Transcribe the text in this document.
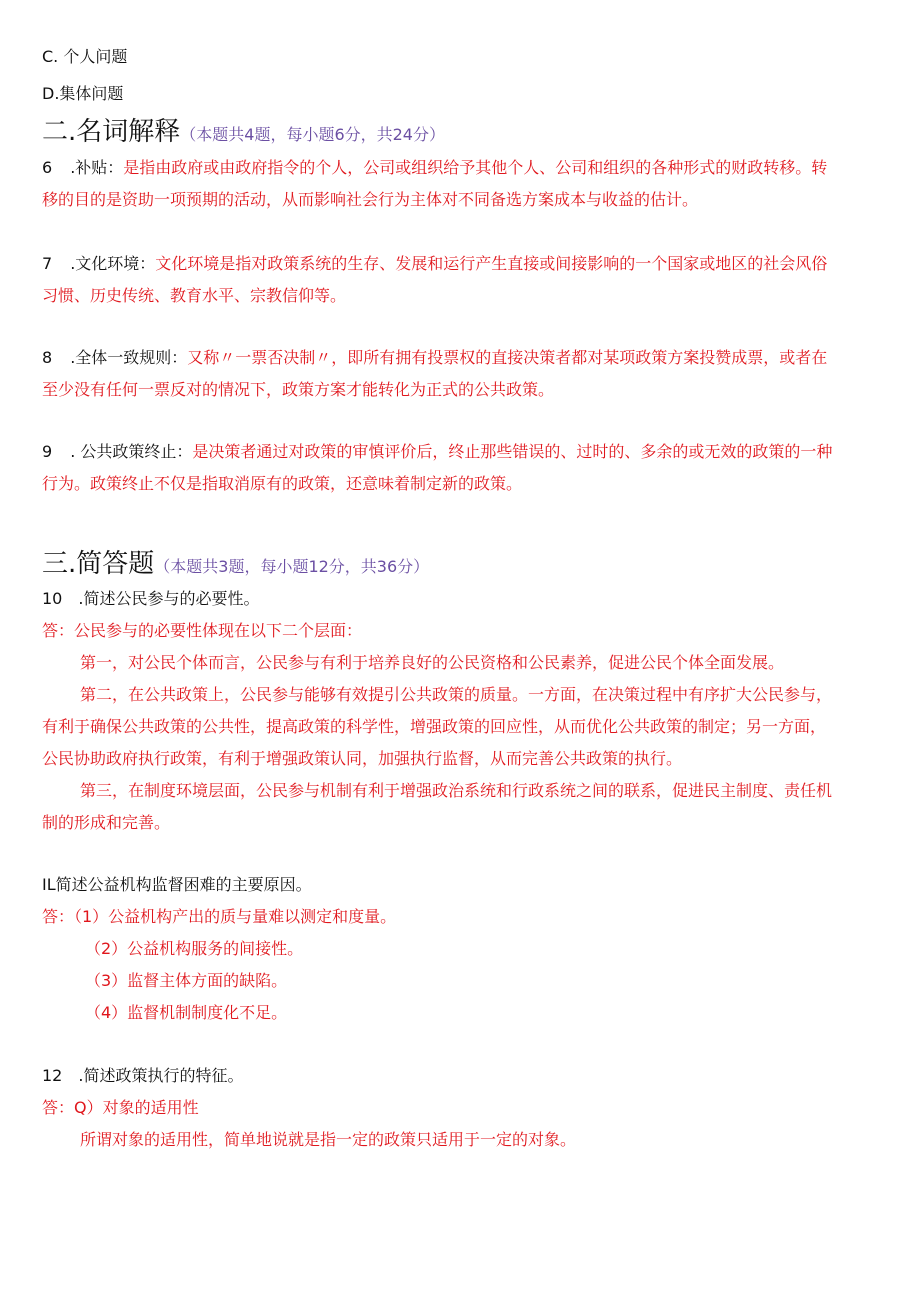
C. 个人问题
D.集体问题
二.名词解释（本题共4题，每小题6分，共24分）
6 .补贴：是指由政府或由政府指令的个人，公司或组织给予其他个人、公司和组织的各种形式的财政转移。转
移的目的是资助一项预期的活动，从而影响社会行为主体对不同备选方案成本与收益的估计。
7 .文化环境：文化环境是指对政策系统的生存、发展和运行产生直接或间接影响的一个国家或地区的社会风俗
习惯、历史传统、教育水平、宗教信仰等。
8 .全体一致规则：又称〃一票否决制〃，即所有拥有投票权的直接决策者都对某项政策方案投赞成票，或者在
至少没有任何一票反对的情况下，政策方案才能转化为正式的公共政策。
9 . 公共政策终止：是决策者通过对政策的审慎评价后，终止那些错误的、过时的、多余的或无效的政策的一种
行为。政策终止不仅是指取消原有的政策，还意味着制定新的政策。
三.简答题（本题共3题，每小题12分，共36分）
10　.简述公民参与的必要性。
答：公民参与的必要性体现在以下二个层面：
第一，对公民个体而言，公民参与有利于培养良好的公民资格和公民素养，促进公民个体全面发展。
第二，在公共政策上，公民参与能够有效提引公共政策的质量。一方面，在决策过程中有序扩大公民参与，
有利于确保公共政策的公共性，提高政策的科学性，增强政策的回应性，从而优化公共政策的制定；另一方面，
公民协助政府执行政策，有利于增强政策认同，加强执行监督，从而完善公共政策的执行。
第三，在制度环境层面，公民参与机制有利于增强政治系统和行政系统之间的联系，促进民主制度、责任机
制的形成和完善。
IL简述公益机构监督困难的主要原因。
答：（1）公益机构产出的质与量难以测定和度量。
（2）公益机构服务的间接性。
（3）监督主体方面的缺陷。
（4）监督机制制度化不足。
12　.简述政策执行的特征。
答：Q）对象的适用性
所谓对象的适用性，简单地说就是指一定的政策只适用于一定的对象。
